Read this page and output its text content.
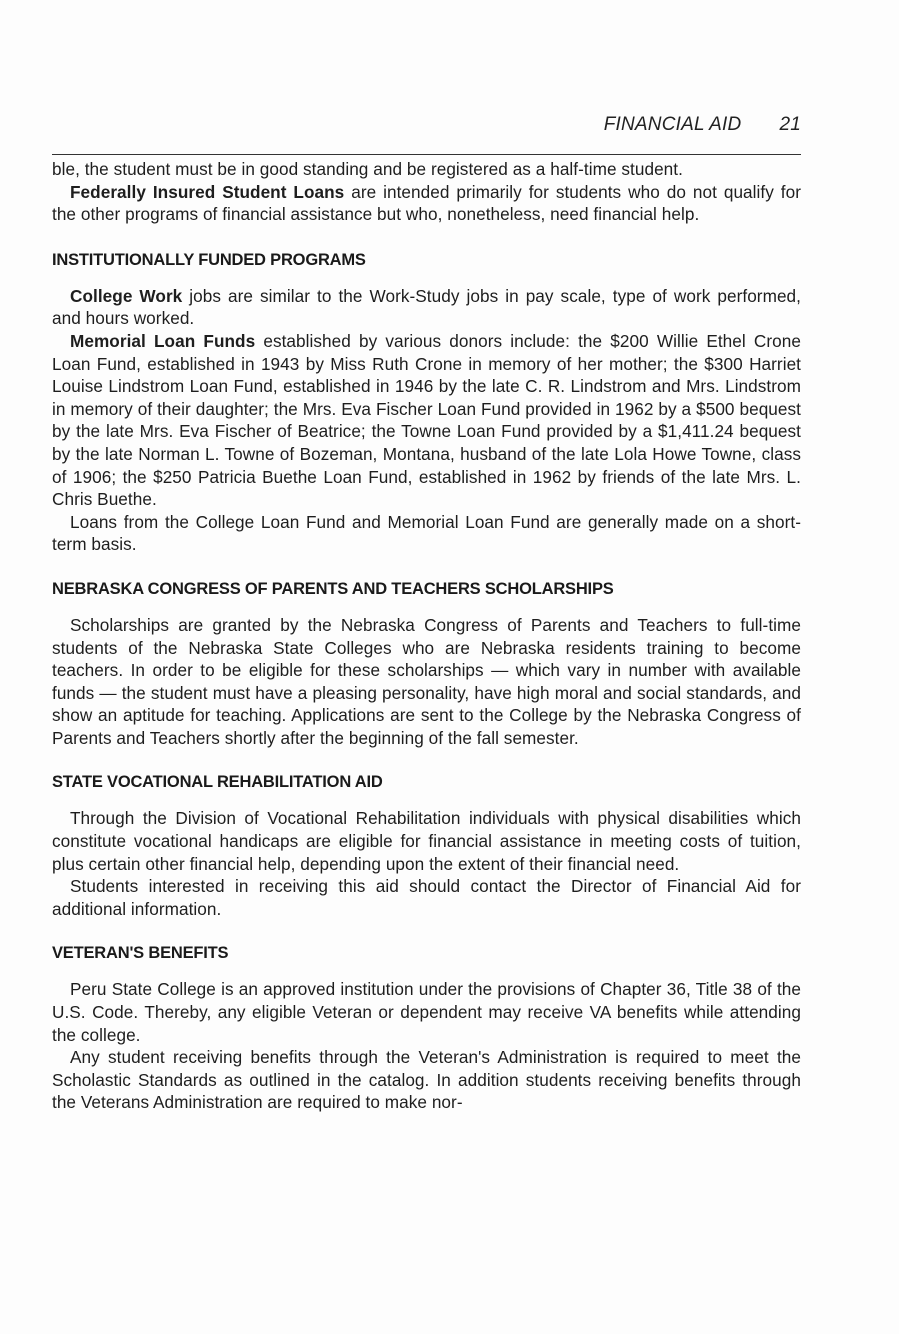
FINANCIAL AID 21

ble, the student must be in good standing and be registered as a half-time student.

Federally Insured Student Loans are intended primarily for students who do not qualify for the other programs of financial assistance but who, nonetheless, need financial help.

INSTITUTIONALLY FUNDED PROGRAMS

College Work jobs are similar to the Work-Study jobs in pay scale, type of work performed, and hours worked.

Memorial Loan Funds established by various donors include: the $200 Willie Ethel Crone Loan Fund, established in 1943 by Miss Ruth Crone in memory of her mother; the $300 Harriet Louise Lindstrom Loan Fund, established in 1946 by the late C. R. Lindstrom and Mrs. Lindstrom in memory of their daughter; the Mrs. Eva Fischer Loan Fund provided in 1962 by a $500 bequest by the late Mrs. Eva Fischer of Beatrice; the Towne Loan Fund provided by a $1,411.24 bequest by the late Norman L. Towne of Bozeman, Montana, husband of the late Lola Howe Towne, class of 1906; the $250 Patricia Buethe Loan Fund, established in 1962 by friends of the late Mrs. L. Chris Buethe.

Loans from the College Loan Fund and Memorial Loan Fund are generally made on a short-term basis.

NEBRASKA CONGRESS OF PARENTS AND TEACHERS SCHOLARSHIPS

Scholarships are granted by the Nebraska Congress of Parents and Teachers to full-time students of the Nebraska State Colleges who are Nebraska residents training to become teachers. In order to be eligible for these scholarships — which vary in number with available funds — the student must have a pleasing personality, have high moral and social standards, and show an aptitude for teaching. Applications are sent to the College by the Nebraska Congress of Parents and Teachers shortly after the beginning of the fall semester.

STATE VOCATIONAL REHABILITATION AID

Through the Division of Vocational Rehabilitation individuals with physical disabilities which constitute vocational handicaps are eligible for financial assistance in meeting costs of tuition, plus certain other financial help, depending upon the extent of their financial need.

Students interested in receiving this aid should contact the Director of Financial Aid for additional information.

VETERAN'S BENEFITS

Peru State College is an approved institution under the provisions of Chapter 36, Title 38 of the U.S. Code. Thereby, any eligible Veteran or dependent may receive VA benefits while attending the college.

Any student receiving benefits through the Veteran's Administration is required to meet the Scholastic Standards as outlined in the catalog. In addition students receiving benefits through the Veterans Administration are required to make nor-
